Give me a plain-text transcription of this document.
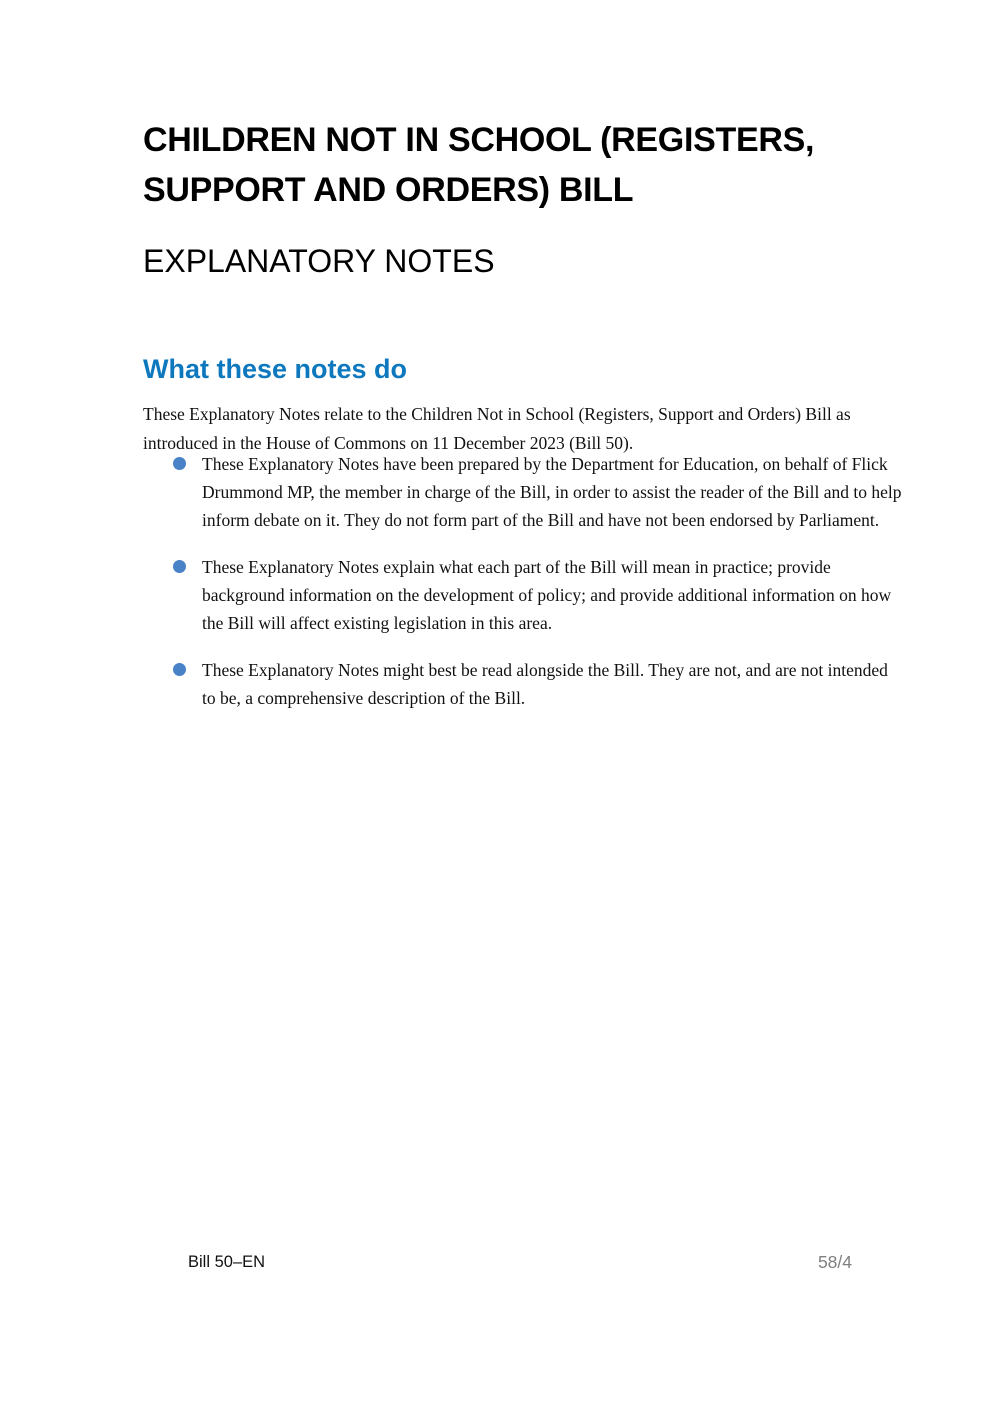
CHILDREN NOT IN SCHOOL (REGISTERS, SUPPORT AND ORDERS) BILL
EXPLANATORY NOTES
What these notes do

These Explanatory Notes relate to the Children Not in School (Registers, Support and Orders) Bill as introduced in the House of Commons on 11 December 2023 (Bill 50).

These Explanatory Notes have been prepared by the Department for Education, on behalf of Flick Drummond MP, the member in charge of the Bill, in order to assist the reader of the Bill and to help inform debate on it. They do not form part of the Bill and have not been endorsed by Parliament.
These Explanatory Notes explain what each part of the Bill will mean in practice; provide background information on the development of policy; and provide additional information on how the Bill will affect existing legislation in this area.
These Explanatory Notes might best be read alongside the Bill. They are not, and are not intended to be, a comprehensive description of the Bill.
Bill 50–EN	58/4
